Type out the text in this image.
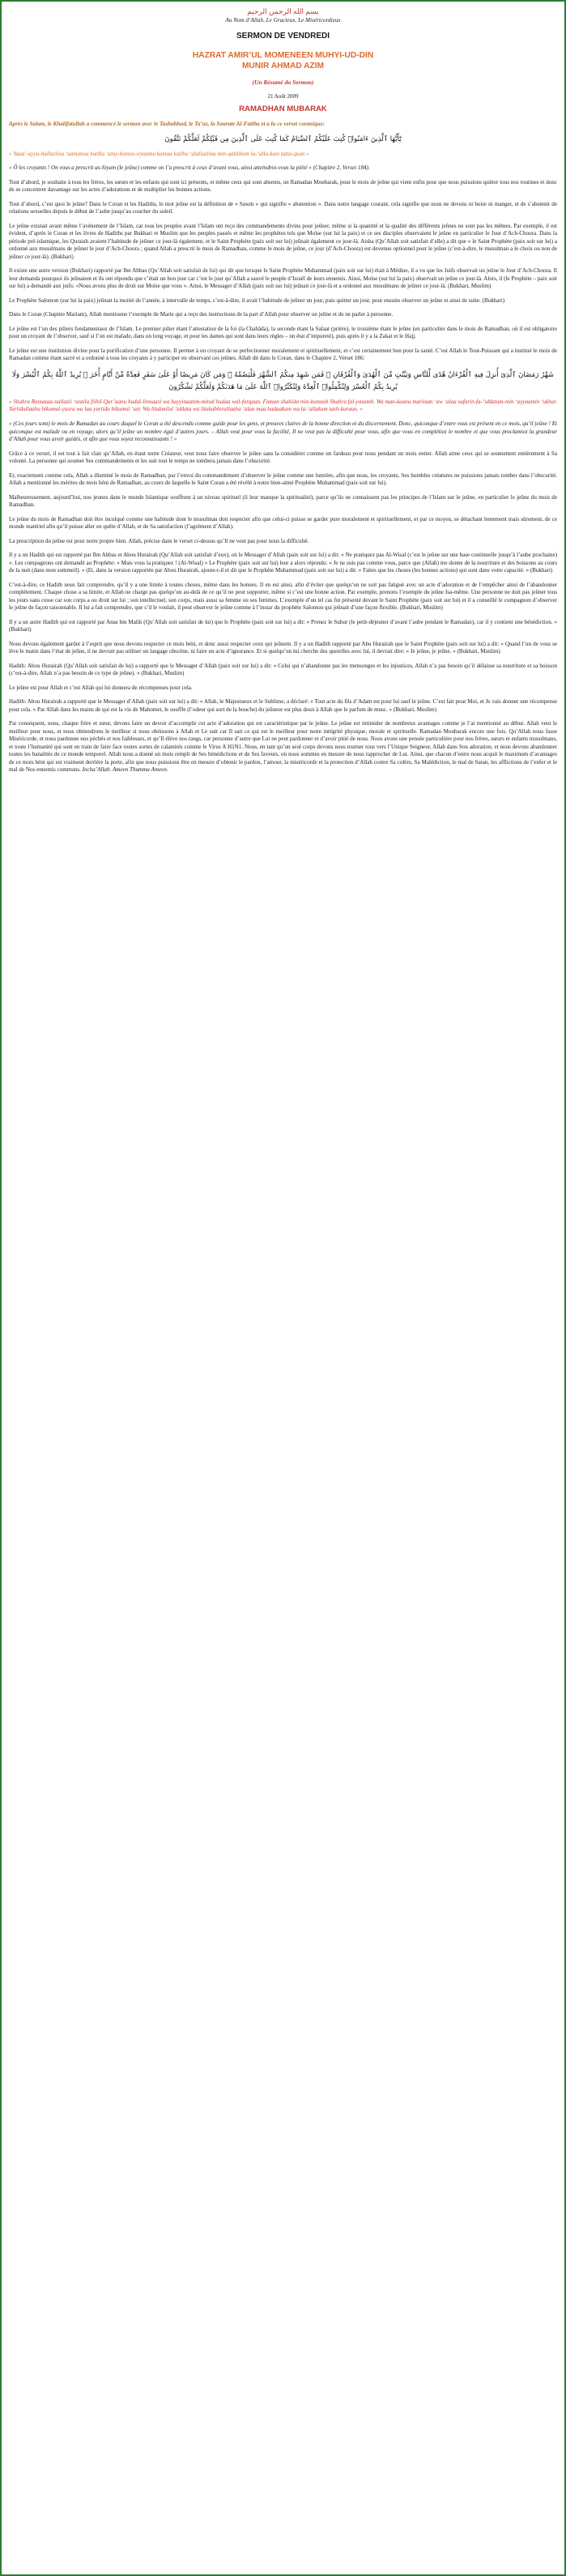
بسم الله الرحمن الرحيم

Au Nom d’Allah, Le Gracieux, Le Miséricordieux

SERMON DE VENDREDI

HAZRAT AMIR’UL MOMENEEN MUHYI-UD-DIN

MUNIR AHMAD AZIM

(Un Résumé du Sermon)

21 Août 2009

RAMADHAN MUBARAK

Après le Salam, le Khalifatullah a commencé le sermon avec le Tashahhud, le Ta’uz, la Sourate Al-Fatiha et a lu ce verset coranique:

يَٰٓأَيُّهَا ٱلَّذِينَ ءَامَنُوا۟ كُتِبَ عَلَيْكُمُ ٱلصِّيَامُ كَمَا كُتِبَ عَلَى ٱلَّذِينَ مِن قَبْلِكُمْ لَعَلَّكُمْ تَتَّقُونَ

« Yaaa’-ayyu-hallaziina ‘aamanuu kutiba ‘alay-kumus-siyaamu kamaa kutiba ‘alallaziina min-qablikum la-‘alla-kum tatta-quun »

« Ô les croyants ! On vous a prescrit as-Siyam (le jeûne) comme on l’a prescrit à ceux d’avant vous, ainsi atteindrez-vous la piété » (Chapitre 2, Verset 184).

Tout d’abord, je souhaite à tous les frères, les sœurs et les enfants qui sont ici présents, et même ceux qui sont absents, un Ramadan Moubarak, pour le mois de jeûne qui vient enfin pour que nous puissions quitter tous nos routines et donc de se concentrer davantage sur les actes d’adorations et de multiplier les bonnes actions.

Tout d’abord, c’est quoi le jeûne? Dans le Coran et les Hadiths, le mot jeûne est la définition de « Sawm » qui signifie « abstention ». Dans notre langage courant, cela signifie que nous ne devons ni boire ni manger, et de s’abstenir de relations sexuelles depuis le début de l’aube jusqu’au coucher du soleil.

Le jeûne existait avant même l’avènement de l’Islam, car tous les peuples avant l’Islam ont reçu des commandements divins pour jeûner, même si la quantité et la qualité des différents jeûnes ne sont pas les mêmes. Par exemple, il est évident, d’après le Coran et les livres de Hadiths par Bukhari et Muslim que les peuples passés et même les prophètes tels que Moïse (sur lui la paix) et ce ses disciples observaient le jeûne en particulier le Jour d’Ach-Choora. Dans la période pré-islamique, les Quraish avaient l’habitude de jeûner ce jour-là également, et le Saint Prophète (paix soit sur lui) jeûnait également ce jour-là. Aisha (Qu’Allah soit satisfait d’elle) a dit que « le Saint Prophète (paix soit sur lui) a ordonné aux musulmans de jeûner le jour d’Ach-Choora ; quand Allah a prescrit le mois de Ramadhan, comme le mois de jeûne, ce jour (d’Ach-Choora) est devenue optionnel pour le jeûne (c’est-à-dire, le musulman a le choix ou non de jeûner ce jour-là). (Bukhari)

Il existe une autre version (Bukhari) rapporté par Ibn Abbas (Qu’Allah soit satisfait de lui) qui dit que lorsque le Saint Prophète Muhammad (paix soit sur lui) était à Médine, il a vu que les Juifs observait un jeûne le Jour d’Ach-Choora. Il leur demanda pourquoi ils jeûnaient et ils ont répondu que c’était un bon jour car c’est le jour qu’Allah a sauvé le peuple d’Israël de leurs ennemis. Ainsi, Moïse (sur lui la paix) observait un jeûne ce jour-là. Alors, il (le Prophète – paix soit sur lui) a demandé aux juifs: «Nous avons plus de droit sur Moïse que vous ». Ainsi, le Messager d’Allah (paix soit sur lui) jeûnait ce jour-là et a ordonné aux musulmans de jeûner ce jour-là. (Bukhari, Muslim)

Le Prophète Salomon (sur lui la paix) jeûnait la moitié de l’année, à intervalle de temps, c’est-à-dire, il avait l’habitude de jeûner un jour, puis quitter un jour, pour ensuite observer un jeûne et ainsi de suite. (Bukhari)

Dans le Coran (Chapitre Mariam), Allah mentionne l’exemple de Marie qui a reçu des instructions de la part d’Allah pour observer un jeûne et de ne parler à personne.

Le jeûne est l’un des piliers fondamentaux de l’Islam. Le premier pilier étant l’attestation de la foi (la Chahâda), la seconde étant la Salaat (prière), le troisième étant le jeûne (en particulier dans le mois de Ramadhan, où il est obligatoire pour un croyant de l’observer, sauf si l’on est malade, dans un long voyage, et pour les dames qui sont dans leurs règles – un état d’impureté), puis après il y a la Zakat et le Hajj.

Le jeûne est une institution divine pour la purification d’une personne. Il permet à un croyant de se perfectionner moralement et spirituellement, et c’est certainement bon pour la santé. C’est Allah le Tout-Puissant qui a institué le mois de Ramadan comme étant sacré et a ordonné à tous les croyants à y participer en observant ces jeûnes. Allah dit dans le Coran, dans le Chapitre 2, Verset 186:

شَهْرُ رَمَضَانَ ٱلَّذِىٓ أُنزِلَ فِيهِ ٱلْقُرْءَانُ هُدًى لِّلنَّاسِ وَبَيِّنَٰتٍ مِّنَ ٱلْهُدَىٰ وَٱلْفُرْقَانِ ۚ فَمَن شَهِدَ مِنكُمُ ٱلشَّهْرَ فَلْيَصُمْهُ ۖ وَمَن كَانَ مَرِيضًا أَوْ عَلَىٰ سَفَرٍ فَعِدَّةٌ مِّنْ أَيَّامٍ أُخَرَ ۗ يُرِيدُ ٱللَّهُ بِكُمُ ٱلْيُسْرَ وَلَا يُرِيدُ بِكُمُ ٱلْعُسْرَ وَلِتُكْمِلُوا۟ ٱلْعِدَّةَ وَلِتُكَبِّرُوا۟ ٱللَّهَ عَلَىٰ مَا هَدَىٰكُمْ وَلَعَلَّكُمْ تَشْكُرُونَ

« Shahru Ramazaa-nallazii ‘unzila fiihil-Qur’aanu hudal-linnaasi wa bayyinaatim-minal hudaa wal-furqaan. Faman shahida min-kumush Shahra fal-yasumh. Wa man-kaana mariizan ‘aw ‘alaa safarin-fa-‘iddatum-min ‘ayyaamin ‘ukhar. Yuriidullaahu bikumul-yusra wa laa yuriidu bikumul ‘usr. Wa litukmilul ‘iddata wa litukabbirullaaha ‘alaa maa hadaakum wa la-‘allakum tash-kuruun. »

« (Ces jours sont) le mois de Ramadan au cours duquel le Coran a été descendu comme guide pour les gens, et preuves claires de la bonne direction et du discernement. Donc, quiconque d’entre vous est présent en ce mois, qu’il jeûne ! Et quiconque est malade ou en voyage, alors qu’il jeûne un nombre égal d’autres jours. – Allah veut pour vous la facilité, Il ne veut pas la difficulté pour vous, afin que vous en complétiez le nombre et que vous proclamiez la grandeur d’Allah pour vous avoir guidés, et afin que vous soyez reconnaissants ! »

Grâce à ce verset, il est tout à fait clair qu’Allah, en étant notre Créateur, veut nous faire observer le jeûne sans la considérer comme un fardeau pour nous pendant un mois entier. Allah aime ceux qui se soumettent entièrement à Sa volonté. La personne qui soumet Ses commandements et les suit tout le temps ne tombera jamais dans l’obscurité.

Et, exactement comme cela, Allah a illuminé le mois de Ramadhan, par l’envoi du commandement d’observer le jeûne comme une lumière, afin que nous, les croyants, Ses humbles créatures ne puissions jamais tomber dans l’obscurité. Allah a mentionné les mérites du mois béni de Ramadhan, au cours de laquelle le Saint Coran a été révélé à notre bien-aimé Prophète Muhammad (paix soit sur lui).

Malheureusement, aujourd’hui, nos jeunes dans le monde Islamique souffrent à un niveau spirituel (il leur manque la spiritualité), parce qu’ils ne connaissent pas les principes de l’Islam sur le jeûne, en particulier le jeûne du mois de Ramadhan.

Le jeûne du mois de Ramadhan doit être inculqué comme une habitude dont le musulman doit respecter afin que celui-ci puisse se garder pure moralement et spirituellement, et par ce moyen, se détachant lentement mais sûrement, de ce monde matériel afin qu’il puisse aller en quête d’Allah, et de Sa satisfaction (l’agrément d’Allah).

La prescription du jeûne est pour notre propre bien. Allah, précise dans le verset ci-dessus qu’Il ne veut pas pour nous la difficulté.

Il y a un Hadith qui est rapporté par Ibn Abbas et Abou Hurairah (Qu’Allah soit satisfait d’eux), où le Messager d’Allah (paix soit sur lui) a dit: « Ne pratiquez pas Al-Wisal (c’est le jeûne sur une base continuelle jusqu’à l’aube prochaine) ». Les compagnons ont demandé au Prophète: « Mais vous la pratiquez ! (Al-Wisal) » Le Prophète (paix soit sur lui) leur a alors répondu: « Je ne suis pas comme vous, parce que (Allah) me donne de la nourriture et des boissons au cours de la nuit (dans mon sommeil). » (Et, dans la version rapportée par Abou Hurairah, ajoute-t-il et dit que le Prophète Muhammad (paix soit sur lui) a dit: « Faites que les choses (les bonnes actions) qui sont dans votre capacité. » (Bukhari)

C’est-à-dire, ce Hadith nous fait comprendre, qu’il y a une limite à toutes choses, même dans les bonnes. Il en est ainsi, afin d’éviter que quelqu’un ne soit pas fatigué avec un acte d’adoration et de l’empêcher ainsi de l’abandonner complètement. Chaque chose a sa limite, et Allah ne charge pas quelqu’un au-delà de ce qu’il ne peut supporter, même si c’est une bonne action. Par exemple, prenons l’exemple du jeûne Isa-même. Une personne ne doit pas jeûner tous les jours sans cesse car son corps a ou droit sur lui ; son intellectuel, son corps, mais aussi sa femme ou ses femmes. L’exemple d’un tel cas fut présenté devant le Saint Prophète (paix soit sur lui) et il a conseillé le compagnon d’observer le jeûne de façon raisonnable. Il lui a fait comprendre, que s’il le voulait, il peut observer le jeûne comme à l’instar du prophète Salomon qui jeûnait d’une façon flexible. (Bukhari, Muslim)

Il y a un autre Hadith qui est rapporté par Anas bin Malik (Qu’Allah soit satisfait de lui) que le Prophète (paix soit sur lui) a dit: « Prenez le Suhur (le petit-déjeuner d’avant l’aube pendant le Ramadan), car il y contient une bénédiction. » (Bukhari)

Nous devons également garder à l’esprit que nous devons respecter ce mois béni, et donc aussi respecter ceux qui jeûnent. Il y a un Hadith rapporté par Abu Hurairah que le Saint Prophète (paix soit sur lui) a dit: « Quand l’un de vous se lève le matin dans l’état de jeûne, il ne devrait pas utiliser un langage obscène, ni faire un acte d’ignorance. Et si quelqu’un lui cherche des querelles avec lui, il devrait dire: « Je jeûne, je jeûne. » (Bukhari, Muslim)

Hadith: Abou Hurairah (Qu’Allah soit satisfait de lui) a rapporté que le Messager d’Allah (paix soit sur lui) a dit: « Celui qui n’abandonne pas les mensonges et les injustices, Allah n’a pas besoin qu’il délaisse sa nourriture et sa boisson (c’est-à-dire, Allah n’a pas besoin de ce type de jeûne). » (Bukhari, Muslim)

Le jeûne est pour Allah et c’est Allah qui lui donnera de récompenses pour cela.

Hadith: Abou Hurairah a rapporté que le Messager d’Allah (paix soit sur lui) a dit: « Allah, le Majestueux et le Sublime, a déclaré: « Tout acte du fils d’Adam est pour lui sauf le jeûne. C’est fait pour Moi, et Je vais donner une récompense pour cela. » Par Allah dans les mains de qui est la vie de Mahomet, le souffle (l’odeur qui sort de la bouche) du jeûneur est plus doux à Allah que le parfum de musc. » (Bukhari, Muslim)

Par conséquent, nous, chaque frère et sœur, devons faire un devoir d’accomplir cet acte d’adoration qui est caractéristique par le jeûne. Le jeûne est intimider de nombreux avantages comme je l’ai mentionné au début. Allah veut le meilleur pour nous, et nous obtiendrons le meilleur si nous obéissons à Allah et Le suit car Il sait ce qui est le meilleur pour notre intégrité physique, morale et spirituelle. Ramadan Moubarak encore une fois. Qu’Allah nous fasse Miséricorde, et nous pardonne nos péchés et nos faiblesses, et qu’Il élève nos rangs, car personne d’autre que Lui ne peut pardonner et d’avoir pitié de nous. Nous avons une pensée particulière pour nos frères, sœurs et enfants musulmans, et toute l’humanité qui sont en train de faire face toutes sortes de calamités comme le Virus A H1N1. Nous, en tant qu’un seul corps devons nous tourner tous vers l’Unique Seigneur, Allah dans Son adoration, et nous devons abandonner toutes les banalités de ce monde temporel. Allah nous a donné un mois rempli de Ses bénédictions et de Ses faveurs, où nous sommes en mesure de nous rapprocher de Lui. Ainsi, que chacun d’entre nous acquit le maximum d’avantages de ce mois béni qui est vraiment derrière la porte, afin que nous puissions être en mesure d’obtenir le pardon, l’amour, la miséricorde et la protection d’Allah contre Sa colère, Sa Malédiction, le mal de Satan, les afflictions de l’enfer et le mal de Nos ennemis communs. Incha’Allah. Ameen Thumma Ameen.
